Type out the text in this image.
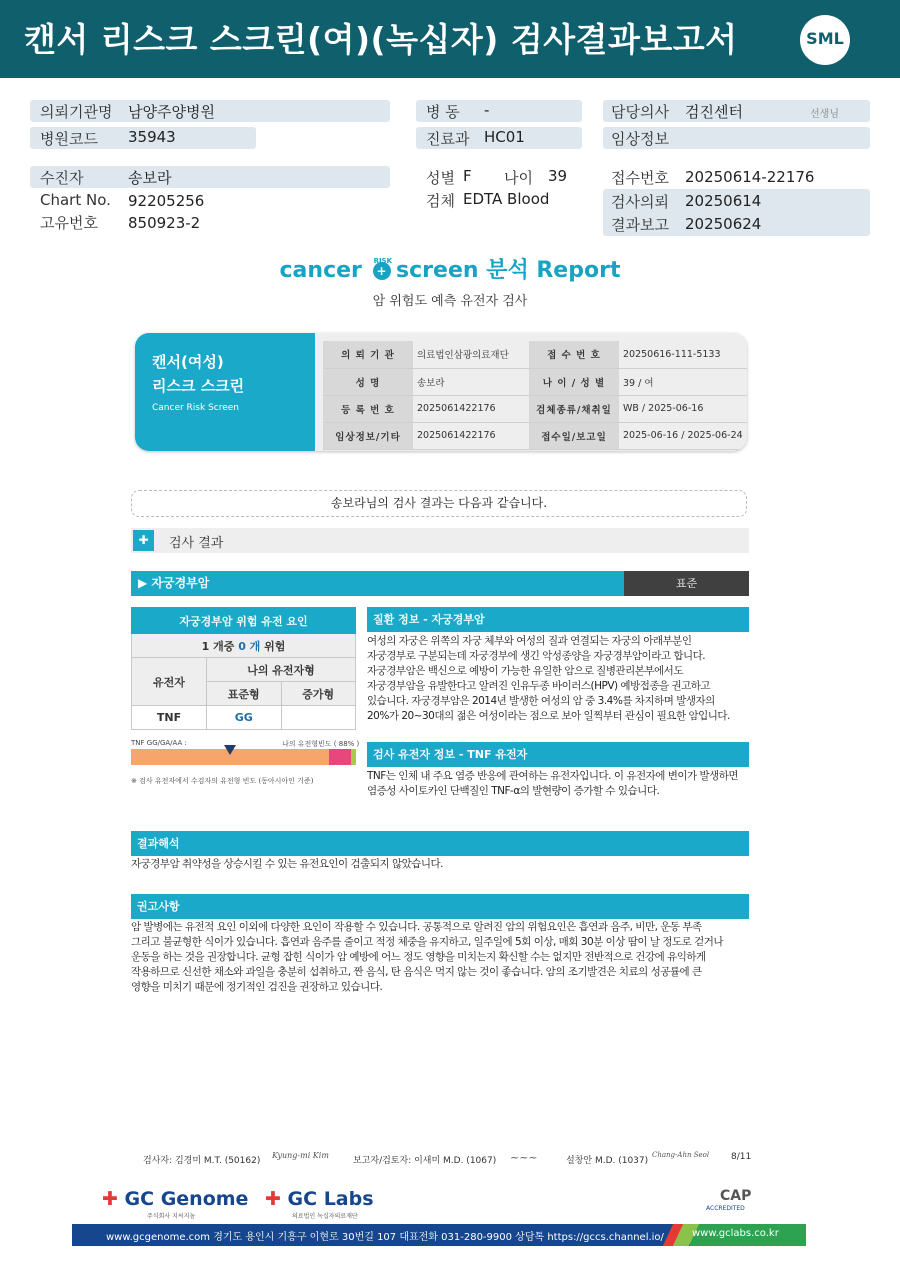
캔서 리스크 스크린(여)(녹십자) 검사결과보고서	SML
의뢰기관명 남양주양병원
병원코드 35943
수진자	송보라
Chart No. 92205256
고유번호 850923-2
병 동 -
진료과 HC01
성별 F 나이 39
검체 EDTA Blood
담당의사 검진센터	선생님
임상정보
접수번호 20250614-22176
검사의뢰 20250614
결과보고 20250624
cancer +$^{RISK}$ screen 분석 Report
암 위험도 예측 유전자 검사
캔서(여성)
리스크 스크린
Cancer Risk Screen
의 뢰 기 관	의료법인삼광의료재단	접 수 번 호	20250616-111-5133
성 명	송보라	나 이 / 성 별	39 / 여
등 록 번 호	2025061422176	검체종류/채취일	WB / 2025-06-16
임상정보/기타	2025061422176	접수일/보고일	2025-06-16 / 2025-06-24
송보라님의 검사 결과는 다음과 같습니다.
✚	검사 결과
▶ 자궁경부암	표준
자궁경부암 위험 유전 요인		
1 개중 0 개 위험		
유전자	나의 유전자형	
	표준형	증가형
TNF	GG	
TNF GG/GA/AA :	나의 유전형빈도 ( 88% )
※ 검사 유전자에서 수검자의 유전형 빈도 (동아시아인 기준)
질환 정보 - 자궁경부암
여성의 자궁은 위쪽의 자궁 체부와 여성의 질과 연결되는 자궁의 아래부분인
자궁경부로 구분되는데 자궁경부에 생긴 악성종양을 자궁경부암이라고 합니다.
자궁경부암은 백신으로 예방이 가능한 유일한 암으로 질병관리본부에서도
자궁경부암을 유발한다고 알려진 인유두종 바이러스(HPV) 예방접종을 권고하고
있습니다. 자궁경부암은 2014년 발생한 여성의 암 중 3.4%를 차지하며 발생자의
20%가 20~30대의 젊은 여성이라는 점으로 보아 일찍부터 관심이 필요한 암입니다.
검사 유전자 정보 - TNF 유전자
TNF는 인체 내 주요 염증 반응에 관여하는 유전자입니다. 이 유전자에 변이가 발생하면
염증성 사이토카인 단백질인 TNF-α의 발현량이 증가할 수 있습니다.
결과해석
자궁경부암 취약성을 상승시킬 수 있는 유전요인이 검출되지 않았습니다.
권고사항
암 발병에는 유전적 요인 이외에 다양한 요인이 작용할 수 있습니다. 공통적으로 알려진 암의 위험요인은 흡연과 음주, 비만, 운동 부족
그리고 불균형한 식이가 있습니다. 흡연과 음주를 줄이고 적정 체중을 유지하고, 일주일에 5회 이상, 매회 30분 이상 땀이 날 정도로 걷거나
운동을 하는 것을 권장합니다. 균형 잡힌 식이가 암 예방에 어느 정도 영향을 미치는지 확신할 수는 없지만 전반적으로 건강에 유익하게
작용하므로 신선한 채소와 과일을 충분히 섭취하고, 짠 음식, 탄 음식은 먹지 않는 것이 좋습니다. 암의 조기발견은 치료의 성공률에 큰
영향을 미치기 때문에 정기적인 검진을 권장하고 있습니다.
검사자: 김경미 M.T. (50162)
Kyung-mi Kim
보고자/검토자: 이새미 M.D. (1067) ~~~	설창안 M.D. (1037)
Chang-Ahn Seol 8/11
✚ GC Genome
주식회사 지씨지놈
✚ GC Labs
의료법인 녹십자의료재단
CAP
ACCREDITED
www.gcgenome.com 경기도 용인시 기흥구 이현로 30번길 107 대표전화 031-280-9900 상담톡 https://gccs.channel.io/	www.gclabs.co.kr
